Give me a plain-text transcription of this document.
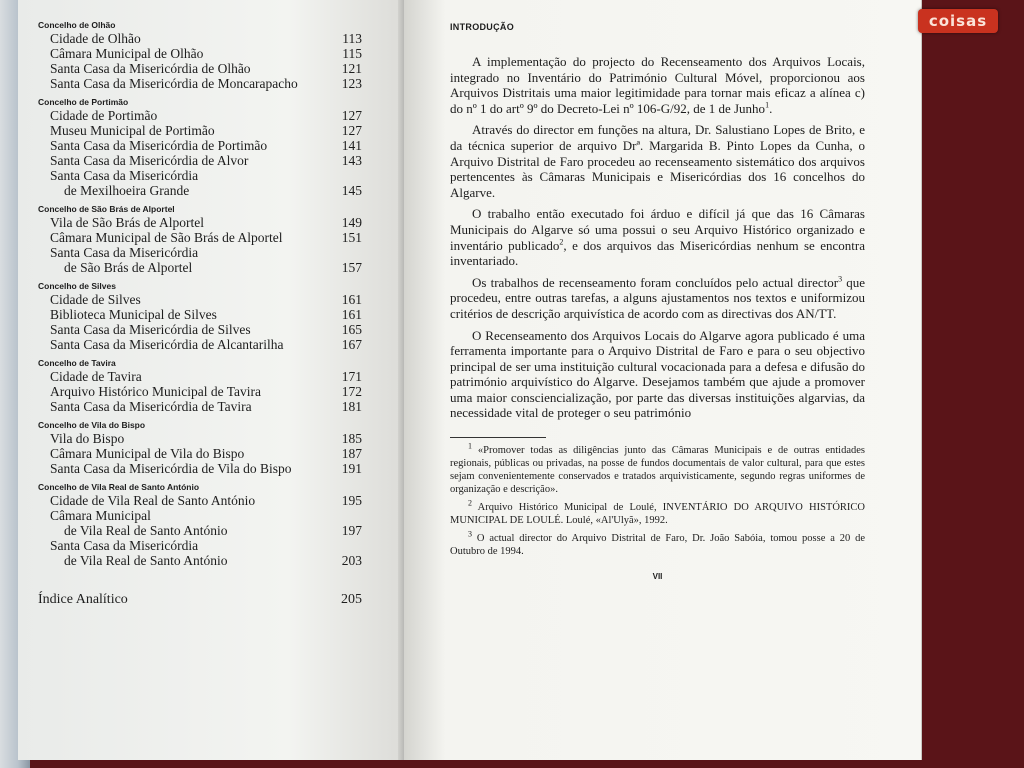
Concelho de Olhão
Cidade de Olhão	113
Câmara Municipal de Olhão	115
Santa Casa da Misericórdia de Olhão	121
Santa Casa da Misericórdia de Moncarapacho	123
Concelho de Portimão
Cidade de Portimão	127
Museu Municipal de Portimão	127
Santa Casa da Misericórdia de Portimão	141
Santa Casa da Misericórdia de Alvor	143
Santa Casa da Misericórdia
de Mexilhoeira Grande	145
Concelho de São Brás de Alportel
Vila de São Brás de Alportel	149
Câmara Municipal de São Brás de Alportel	151
Santa Casa da Misericórdia
de São Brás de Alportel	157
Concelho de Silves
Cidade de Silves	161
Biblioteca Municipal de Silves	161
Santa Casa da Misericórdia de Silves	165
Santa Casa da Misericórdia de Alcantarilha	167
Concelho de Tavira
Cidade de Tavira	171
Arquivo Histórico Municipal de Tavira	172
Santa Casa da Misericórdia de Tavira	181
Concelho de Vila do Bispo
Vila do Bispo	185
Câmara Municipal de Vila do Bispo	187
Santa Casa da Misericórdia de Vila do Bispo	191
Concelho de Vila Real de Santo António
Cidade de Vila Real de Santo António	195
Câmara Municipal
de Vila Real de Santo António	197
Santa Casa da Misericórdia
de Vila Real de Santo António	203
Índice Analítico	205
INTRODUÇÃO

A implementação do projecto do Recenseamento dos Arquivos Locais, integrado no Inventário do Património Cultural Móvel, proporcionou aos Arquivos Distritais uma maior legitimidade para tornar mais eficaz a alínea c) do nº 1 do artº 9º do Decreto-Lei nº 106-G/92, de 1 de Junho$^1$.

Através do director em funções na altura, Dr. Salustiano Lopes de Brito, e da técnica superior de arquivo Drª. Margarida B. Pinto Lopes da Cunha, o Arquivo Distrital de Faro procedeu ao recenseamento sistemático dos arquivos pertencentes às Câmaras Municipais e Misericórdias dos 16 concelhos do Algarve.

O trabalho então executado foi árduo e difícil já que das 16 Câmaras Municipais do Algarve só uma possui o seu Arquivo Histórico organizado e inventário publicado$^2$, e dos arquivos das Misericórdias nenhum se encontra inventariado.

Os trabalhos de recenseamento foram concluídos pelo actual director$^3$ que procedeu, entre outras tarefas, a alguns ajustamentos nos textos e uniformizou critérios de descrição arquivística de acordo com as directivas dos AN/TT.

O Recenseamento dos Arquivos Locais do Algarve agora publicado é uma ferramenta importante para o Arquivo Distrital de Faro e para o seu objectivo principal de ser uma instituição cultural vocacionada para a defesa e difusão do património arquivístico do Algarve. Desejamos também que ajude a promover uma maior consciencialização, por parte das diversas instituições algarvias, da necessidade vital de proteger o seu património

$^1$ «Promover todas as diligências junto das Câmaras Municipais e de outras entidades regionais, públicas ou privadas, na posse de fundos documentais de valor cultural, para que estes sejam convenientemente conservados e tratados arquivisticamente, segundo regras uniformes de organização e descrição».

$^2$ Arquivo Histórico Municipal de Loulé, INVENTÁRIO DO ARQUIVO HISTÓRICO MUNICIPAL DE LOULÉ. Loulé, «Al'Ulyã», 1992.

$^3$ O actual director do Arquivo Distrital de Faro, Dr. João Sabóia, tomou posse a 20 de Outubro de 1994.

VII
coisas
